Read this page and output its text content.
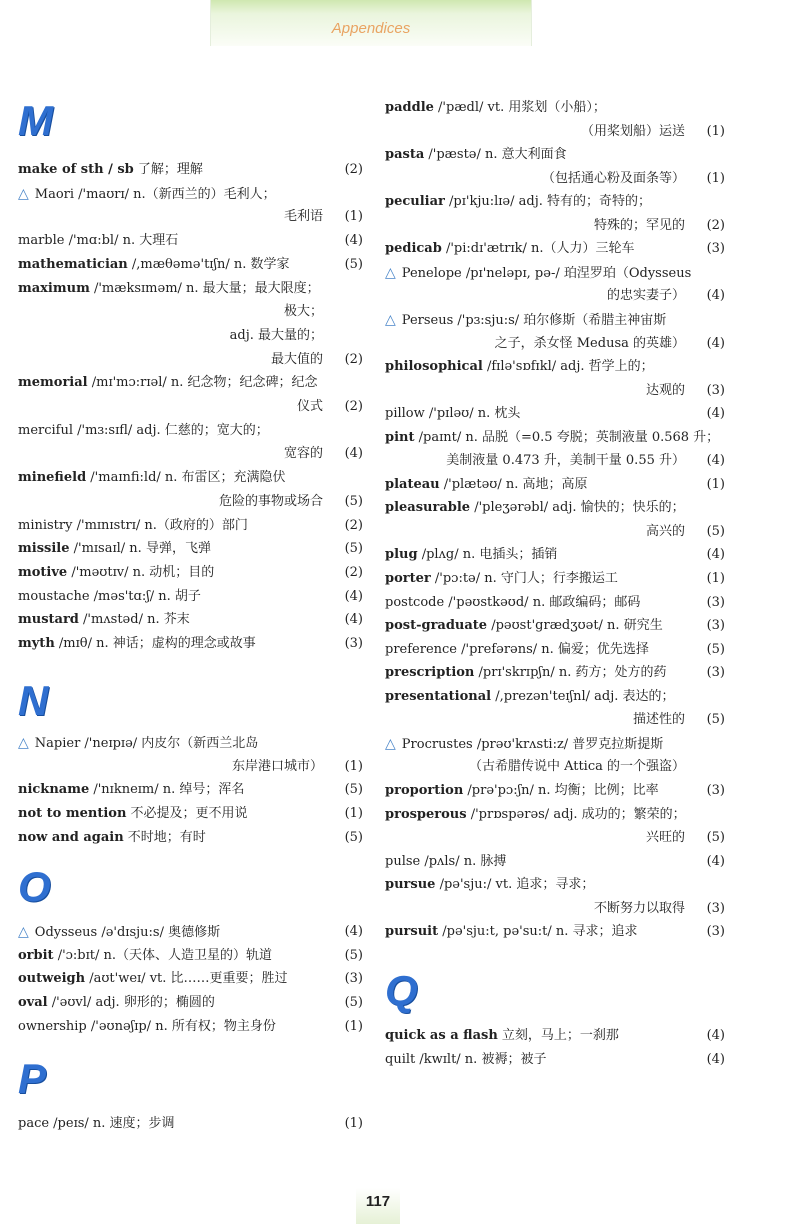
Appendices
M
make of sth / sb 了解；理解	(2)
△ Maori /'maʊrɪ/ n.（新西兰的）毛利人；
毛利语 (1)
marble /'mɑ:bl/ n. 大理石	(4)
mathematician /,mæθəmə'tɪʃn/ n. 数学家	(5)
maximum /'mæksɪməm/ n. 最大量；最大限度；
极大；
adj. 最大量的；
最大值的 (2)
memorial /mɪ'mɔ:rɪəl/ n. 纪念物；纪念碑；纪念
仪式 (2)
merciful /'mɜ:sɪfl/ adj. 仁慈的；宽大的；
宽容的 (4)
minefield /'maɪnfi:ld/ n. 布雷区；充满隐伏
危险的事物或场合 (5)
ministry /'mɪnɪstrɪ/ n.（政府的）部门	(2)
missile /'mɪsaɪl/ n. 导弹，飞弹	(5)
motive /'məʊtɪv/ n. 动机；目的	(2)
moustache /məs'tɑ:ʃ/ n. 胡子	(4)
mustard /'mʌstəd/ n. 芥末	(4)
myth /mɪθ/ n. 神话；虚构的理念或故事	(3)
N
△ Napier /'neɪpɪə/ 内皮尔（新西兰北岛
东岸港口城市） (1)
nickname /'nɪkneɪm/ n. 绰号；浑名	(5)
not to mention 不必提及；更不用说	(1)
now and again 不时地；有时	(5)
O
△ Odysseus /ə'dɪsju:s/ 奥德修斯	(4)
orbit /'ɔ:bɪt/ n.（天体、人造卫星的）轨道	(5)
outweigh /aʊt'weɪ/ vt. 比……更重要；胜过	(3)
oval /'əʊvl/ adj. 卵形的；椭圆的	(5)
ownership /'əʊnəʃɪp/ n. 所有权；物主身份	(1)
P
pace /peɪs/ n. 速度；步调	(1)
paddle /'pædl/ vt. 用浆划（小船）；
（用桨划船）运送 (1)
pasta /'pæstə/ n. 意大利面食
（包括通心粉及面条等） (1)
peculiar /pɪ'kju:lɪə/ adj. 特有的；奇特的；
特殊的；罕见的 (2)
pedicab /'pi:dɪ'ætrɪk/ n.（人力）三轮车	(3)
△ Penelope /pɪ'neləpɪ, pə-/ 珀涅罗珀（Odysseus
的忠实妻子） (4)
△ Perseus /'pɜ:sju:s/ 珀尔修斯（希腊主神宙斯
之子，杀女怪 Medusa 的英雄） (4)
philosophical /fɪlə'sɒfɪkl/ adj. 哲学上的；
达观的 (3)
pillow /'pɪləʊ/ n. 枕头	(4)
pint /paɪnt/ n. 品脱（=0.5 夸脱；英制液量 0.568 升；
美制液量 0.473 升，美制干量 0.55 升） (4)
plateau /'plætəʊ/ n. 高地；高原	(1)
pleasurable /'pleʒərəbl/ adj. 愉快的；快乐的；
高兴的 (5)
plug /plʌg/ n. 电插头；插销	(4)
porter /'pɔ:tə/ n. 守门人；行李搬运工	(1)
postcode /'pəʊstkəʊd/ n. 邮政编码；邮码	(3)
post-graduate /pəʊst'grædʒʊət/ n. 研究生	(3)
preference /'prefərəns/ n. 偏爱；优先选择	(5)
prescription /prɪ'skrɪpʃn/ n. 药方；处方的药	(3)
presentational /,prezən'teɪʃnl/ adj. 表达的；
描述性的 (5)
△ Procrustes /prəʊ'krʌsti:z/ 普罗克拉斯提斯
（古希腊传说中 Attica 的一个强盗）
proportion /prə'pɔ:ʃn/ n. 均衡；比例；比率	(3)
prosperous /'prɒspərəs/ adj. 成功的；繁荣的；
兴旺的 (5)
pulse /pʌls/ n. 脉搏	(4)
pursue /pə'sju:/ vt. 追求；寻求；
不断努力以取得 (3)
pursuit /pə'sju:t, pə'su:t/ n. 寻求；追求	(3)
Q
quick as a flash 立刻，马上；一刹那	(4)
quilt /kwɪlt/ n. 被褥；被子	(4)
117
